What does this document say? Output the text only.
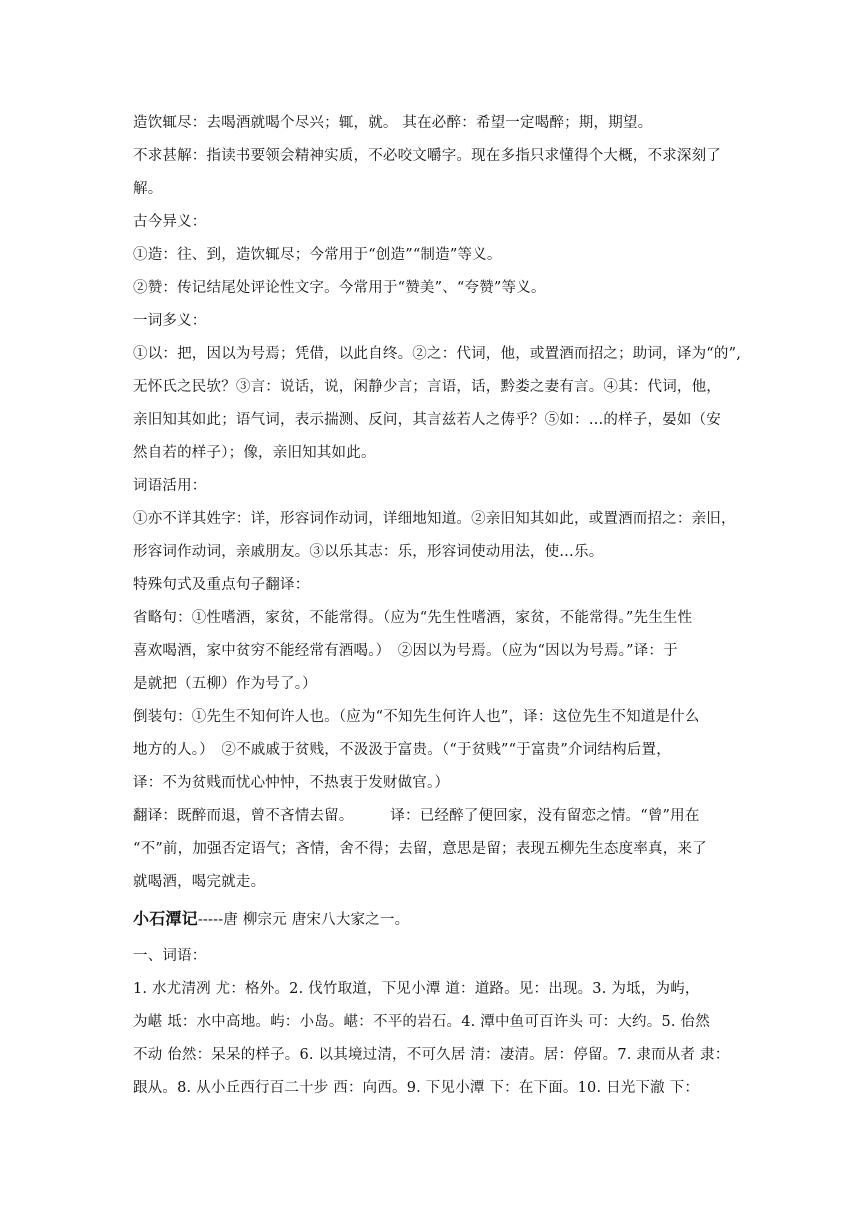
造饮辄尽：去喝酒就喝个尽兴；辄，就。 其在必醉：希望一定喝醉；期，期望。

不求甚解：指读书要领会精神实质，不必咬文嚼字。现在多指只求懂得个大概，不求深刻了

解。

古今异义：

①造：往、到，造饮辄尽；今常用于“创造”“制造”等义。

②赞：传记结尾处评论性文字。今常用于“赞美”、“夸赞”等义。

一词多义：

①以：把，因以为号焉；凭借，以此自终。②之：代词，他，或置酒而招之；助词，译为“的”,

无怀氏之民欤？③言：说话，说，闲静少言；言语，话，黔娄之妻有言。④其：代词，他，

亲旧知其如此；语气词，表示揣测、反问，其言兹若人之俦乎？⑤如：…的样子，晏如（安

然自若的样子）；像，亲旧知其如此。

词语活用：

①亦不详其姓字：详，形容词作动词，详细地知道。②亲旧知其如此，或置酒而招之：亲旧，

形容词作动词，亲戚朋友。③以乐其志：乐，形容词使动用法，使…乐。

特殊句式及重点句子翻译：

省略句：①性嗜酒，家贫，不能常得。（应为“先生性嗜酒，家贫，不能常得。”先生生性

喜欢喝酒，家中贫穷不能经常有酒喝。）　②因以为号焉。（应为“因以为号焉。”译：于

是就把（五柳）作为号了。）

倒装句：①先生不知何许人也。（应为“不知先生何许人也”，译：这位先生不知道是什么

地方的人。）　②不戚戚于贫贱，不汲汲于富贵。（“于贫贱”“于富贵”介词结构后置，

译：不为贫贱而忧心忡忡，不热衷于发财做官。）

翻译：既醉而退，曾不吝情去留。　　　译：已经醉了便回家，没有留恋之情。“曾”用在

“不”前，加强否定语气；吝情，舍不得；去留，意思是留；表现五柳先生态度率真，来了

就喝酒，喝完就走。

小石潭记-----唐 柳宗元 唐宋八大家之一。

一、词语：

1. 水尤清冽 尤：格外。2. 伐竹取道，下见小潭 道：道路。见：出现。3. 为坻，为屿，

为嵁 坻：水中高地。屿：小岛。嵁：不平的岩石。4. 潭中鱼可百许头 可：大约。5. 佁然

不动 佁然：呆呆的样子。6. 以其境过清，不可久居 清：凄清。居：停留。7. 隶而从者 隶：

跟从。8. 从小丘西行百二十步 西：向西。9. 下见小潭 下：在下面。10. 日光下澈 下：
